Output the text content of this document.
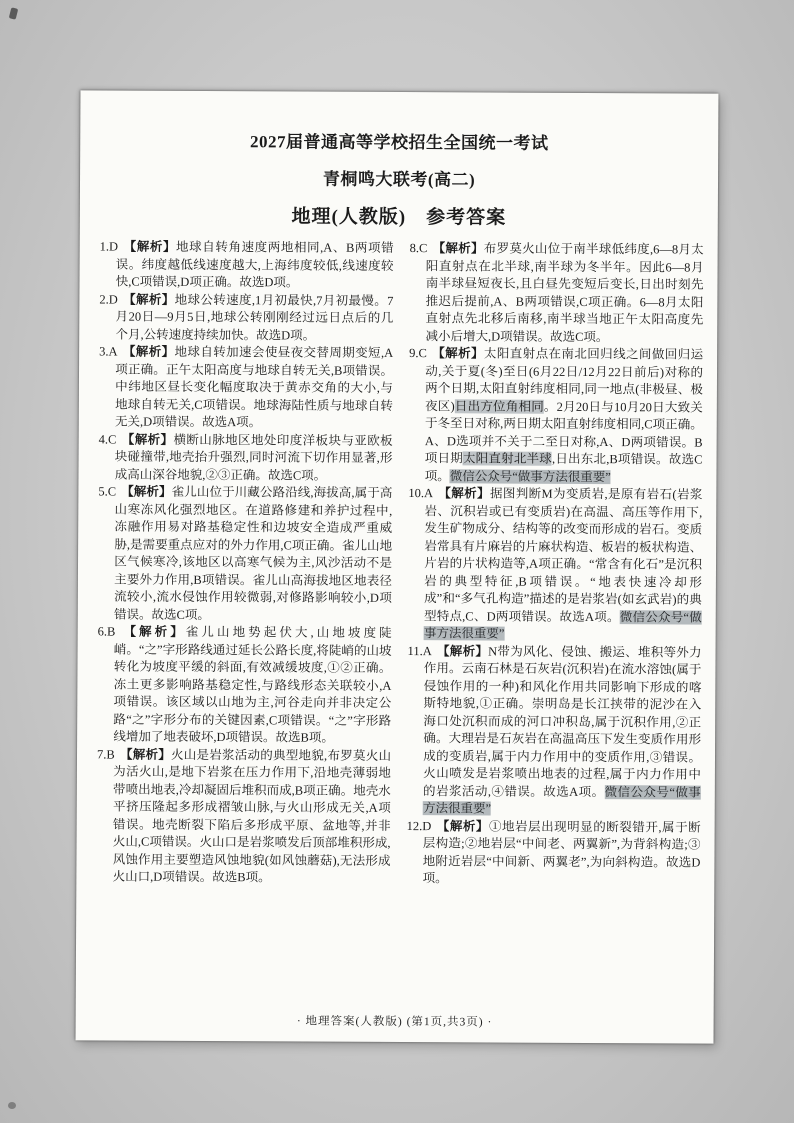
2027届普通高等学校招生全国统一考试
青桐鸣大联考(高二)
地理(人教版)　参考答案

1.D 【解析】地球自转角速度两地相同,A、B两项错误。纬度越低线速度越大,上海纬度较低,线速度较快,C项错误,D项正确。故选D项。

2.D 【解析】地球公转速度,1月初最快,7月初最慢。7月20日—9月5日,地球公转刚刚经过远日点后的几个月,公转速度持续加快。故选D项。

3.A 【解析】地球自转加速会使昼夜交替周期变短,A项正确。正午太阳高度与地球自转无关,B项错误。中纬地区昼长变化幅度取决于黄赤交角的大小,与地球自转无关,C项错误。地球海陆性质与地球自转无关,D项错误。故选A项。

4.C 【解析】横断山脉地区地处印度洋板块与亚欧板块碰撞带,地壳抬升强烈,同时河流下切作用显著,形成高山深谷地貌,②③正确。故选C项。

5.C 【解析】雀儿山位于川藏公路沿线,海拔高,属于高山寒冻风化强烈地区。在道路修建和养护过程中,冻融作用易对路基稳定性和边坡安全造成严重威胁,是需要重点应对的外力作用,C项正确。雀儿山地区气候寒冷,该地区以高寒气候为主,风沙活动不是主要外力作用,B项错误。雀儿山高海拔地区地表径流较小,流水侵蚀作用较微弱,对修路影响较小,D项错误。故选C项。

6.B 【解析】雀儿山地势起伏大,山地坡度陡峭。“之”字形路线通过延长公路长度,将陡峭的山坡转化为坡度平缓的斜面,有效减缓坡度,①②正确。冻土更多影响路基稳定性,与路线形态关联较小,A项错误。该区域以山地为主,河谷走向并非决定公路“之”字形分布的关键因素,C项错误。“之”字形路线增加了地表破坏,D项错误。故选B项。

7.B 【解析】火山是岩浆活动的典型地貌,布罗莫火山为活火山,是地下岩浆在压力作用下,沿地壳薄弱地带喷出地表,冷却凝固后堆积而成,B项正确。地壳水平挤压隆起多形成褶皱山脉,与火山形成无关,A项错误。地壳断裂下陷后多形成平原、盆地等,并非火山,C项错误。火山口是岩浆喷发后顶部堆积形成,风蚀作用主要塑造风蚀地貌(如风蚀蘑菇),无法形成火山口,D项错误。故选B项。

8.C 【解析】布罗莫火山位于南半球低纬度,6—8月太阳直射点在北半球,南半球为冬半年。因此6—8月南半球昼短夜长,且白昼先变短后变长,日出时刻先推迟后提前,A、B两项错误,C项正确。6—8月太阳直射点先北移后南移,南半球当地正午太阳高度先减小后增大,D项错误。故选C项。

9.C 【解析】太阳直射点在南北回归线之间做回归运动,关于夏(冬)至日(6月22日/12月22日前后)对称的两个日期,太阳直射纬度相同,同一地点(非极昼、极夜区)日出方位角相同。2月20日与10月20日大致关于冬至日对称,两日期太阳直射纬度相同,C项正确。A、D选项并不关于二至日对称,A、D两项错误。B项日期太阳直射北半球,日出东北,B项错误。故选C项。微信公众号“做事方法很重要”

10.A 【解析】据图判断M为变质岩,是原有岩石(岩浆岩、沉积岩或已有变质岩)在高温、高压等作用下,发生矿物成分、结构等的改变而形成的岩石。变质岩常具有片麻岩的片麻状构造、板岩的板状构造、片岩的片状构造等,A项正确。“常含有化石”是沉积岩的典型特征,B项错误。“地表快速冷却形成”和“多气孔构造”描述的是岩浆岩(如玄武岩)的典型特点,C、D两项错误。故选A项。微信公众号“做事方法很重要”

11.A 【解析】N带为风化、侵蚀、搬运、堆积等外力作用。云南石林是石灰岩(沉积岩)在流水溶蚀(属于侵蚀作用的一种)和风化作用共同影响下形成的喀斯特地貌,①正确。崇明岛是长江挟带的泥沙在入海口处沉积而成的河口冲积岛,属于沉积作用,②正确。大理岩是石灰岩在高温高压下发生变质作用形成的变质岩,属于内力作用中的变质作用,③错误。火山喷发是岩浆喷出地表的过程,属于内力作用中的岩浆活动,④错误。故选A项。微信公众号“做事方法很重要”

12.D 【解析】①地岩层出现明显的断裂错开,属于断层构造;②地岩层“中间老、两翼新”,为背斜构造;③地附近岩层“中间新、两翼老”,为向斜构造。故选D项。

· 地理答案(人教版) (第1页,共3页) ·
